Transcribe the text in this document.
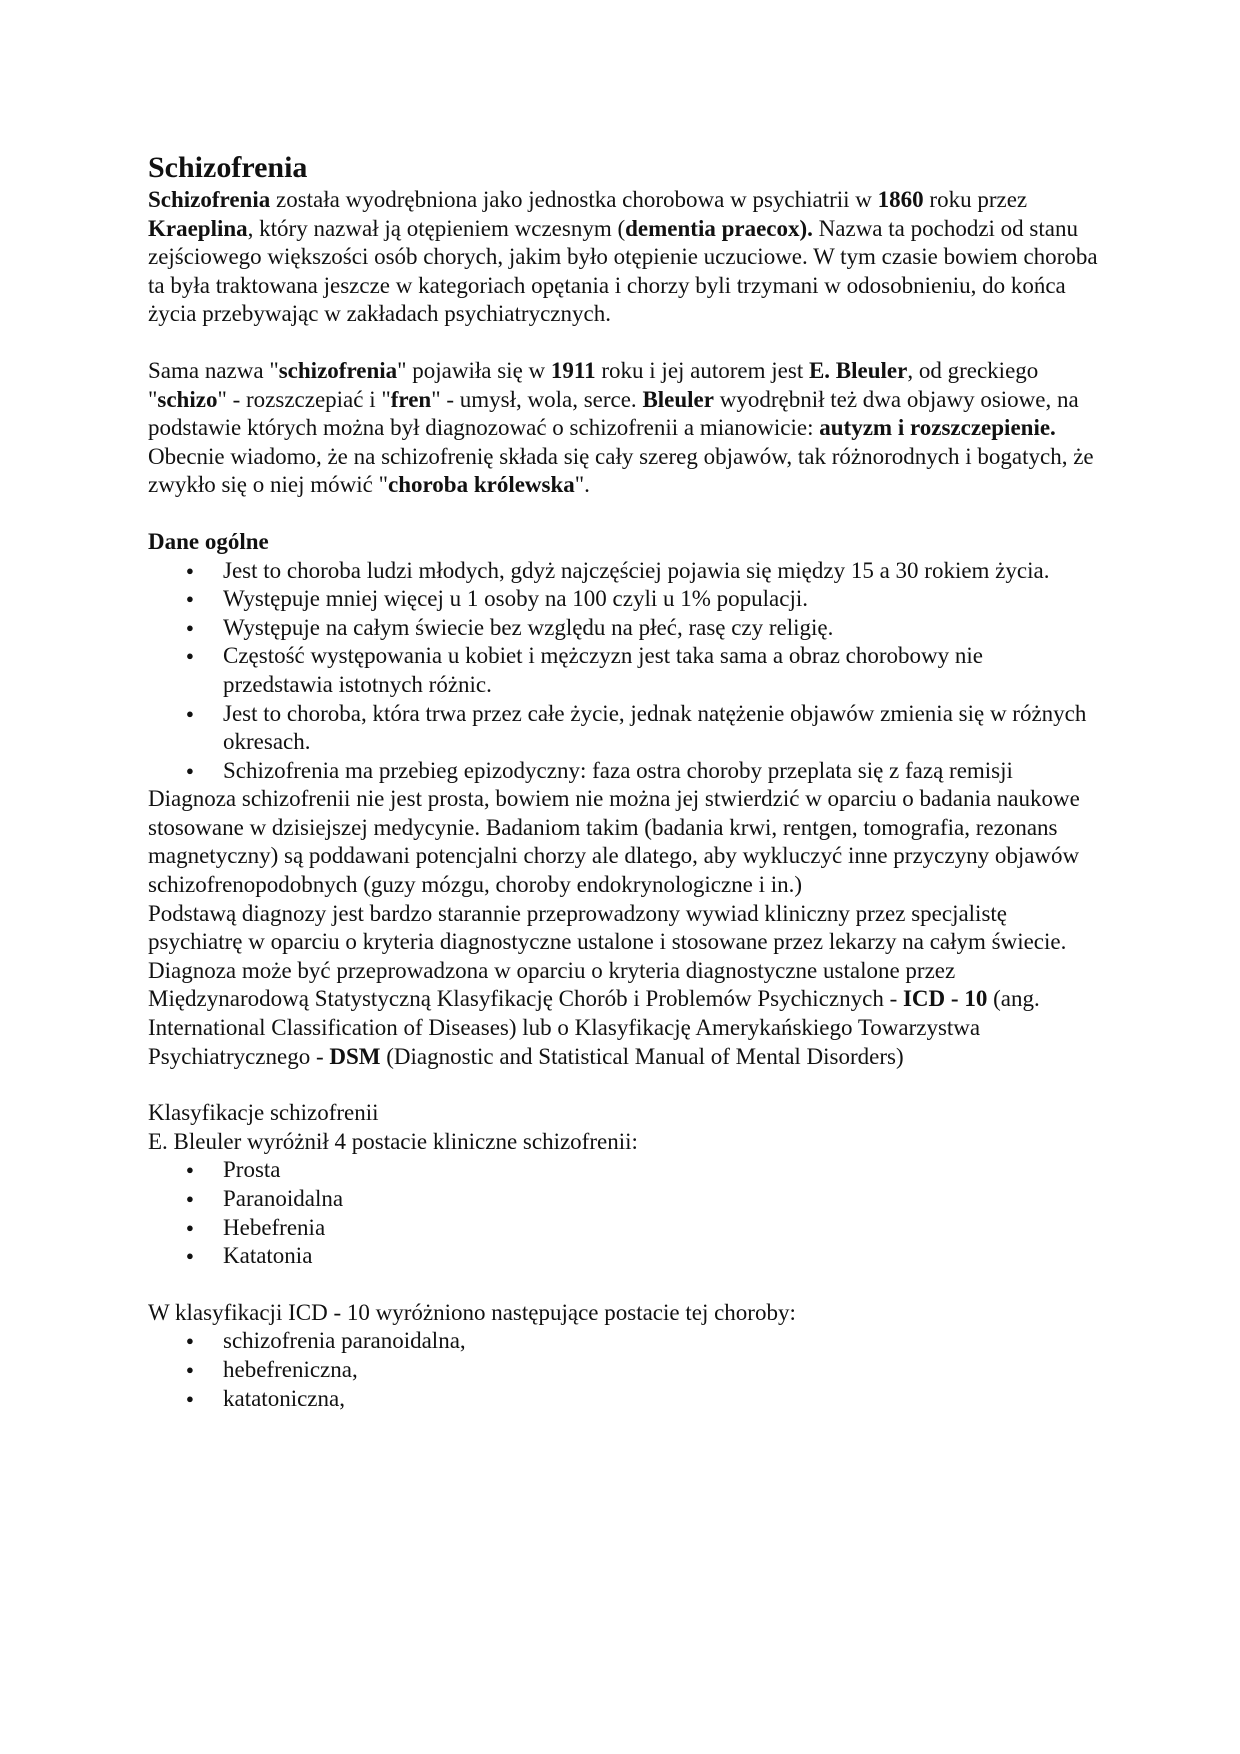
Schizofrenia

Schizofrenia została wyodrębniona jako jednostka chorobowa w psychiatrii w 1860 roku przez Kraeplina, który nazwał ją otępieniem wczesnym (dementia praecox). Nazwa ta pochodzi od stanu zejściowego większości osób chorych, jakim było otępienie uczuciowe. W tym czasie bowiem choroba ta była traktowana jeszcze w kategoriach opętania i chorzy byli trzymani w odosobnieniu, do końca życia przebywając w zakładach psychiatrycznych.

Sama nazwa "schizofrenia" pojawiła się w 1911 roku i jej autorem jest E. Bleuler, od greckiego "schizo" - rozszczepiać i "fren" - umysł, wola, serce. Bleuler wyodrębnił też dwa objawy osiowe, na podstawie których można był diagnozować o schizofrenii a mianowicie: autyzm i rozszczepienie.

Obecnie wiadomo, że na schizofrenię składa się cały szereg objawów, tak różnorodnych i bogatych, że zwykło się o niej mówić "choroba królewska".

Dane ogólne

● Jest to choroba ludzi młodych, gdyż najczęściej pojawia się między 15 a 30 rokiem życia.
● Występuje mniej więcej u 1 osoby na 100 czyli u 1% populacji.
● Występuje na całym świecie bez względu na płeć, rasę czy religię.
● Częstość występowania u kobiet i mężczyzn jest taka sama a obraz chorobowy nie przedstawia istotnych różnic.
● Jest to choroba, która trwa przez całe życie, jednak natężenie objawów zmienia się w różnych okresach.
● Schizofrenia ma przebieg epizodyczny: faza ostra choroby przeplata się z fazą remisji

Diagnoza schizofrenii nie jest prosta, bowiem nie można jej stwierdzić w oparciu o badania naukowe stosowane w dzisiejszej medycynie. Badaniom takim (badania krwi, rentgen, tomografia, rezonans magnetyczny) są poddawani potencjalni chorzy ale dlatego, aby wykluczyć inne przyczyny objawów schizofrenopodobnych (guzy mózgu, choroby endokrynologiczne i in.)

Podstawą diagnozy jest bardzo starannie przeprowadzony wywiad kliniczny przez specjalistę psychiatrę w oparciu o kryteria diagnostyczne ustalone i stosowane przez lekarzy na całym świecie.

Diagnoza może być przeprowadzona w oparciu o kryteria diagnostyczne ustalone przez Międzynarodową Statystyczną Klasyfikację Chorób i Problemów Psychicznych - ICD - 10 (ang. International Classification of Diseases) lub o Klasyfikację Amerykańskiego Towarzystwa Psychiatrycznego - DSM (Diagnostic and Statistical Manual of Mental Disorders)

Klasyfikacje schizofrenii

E. Bleuler wyróżnił 4 postacie kliniczne schizofrenii:

● Prosta
● Paranoidalna
● Hebefrenia
● Katatonia

W klasyfikacji ICD - 10 wyróżniono następujące postacie tej choroby:

● schizofrenia paranoidalna,
● hebefreniczna,
● katatoniczna,
